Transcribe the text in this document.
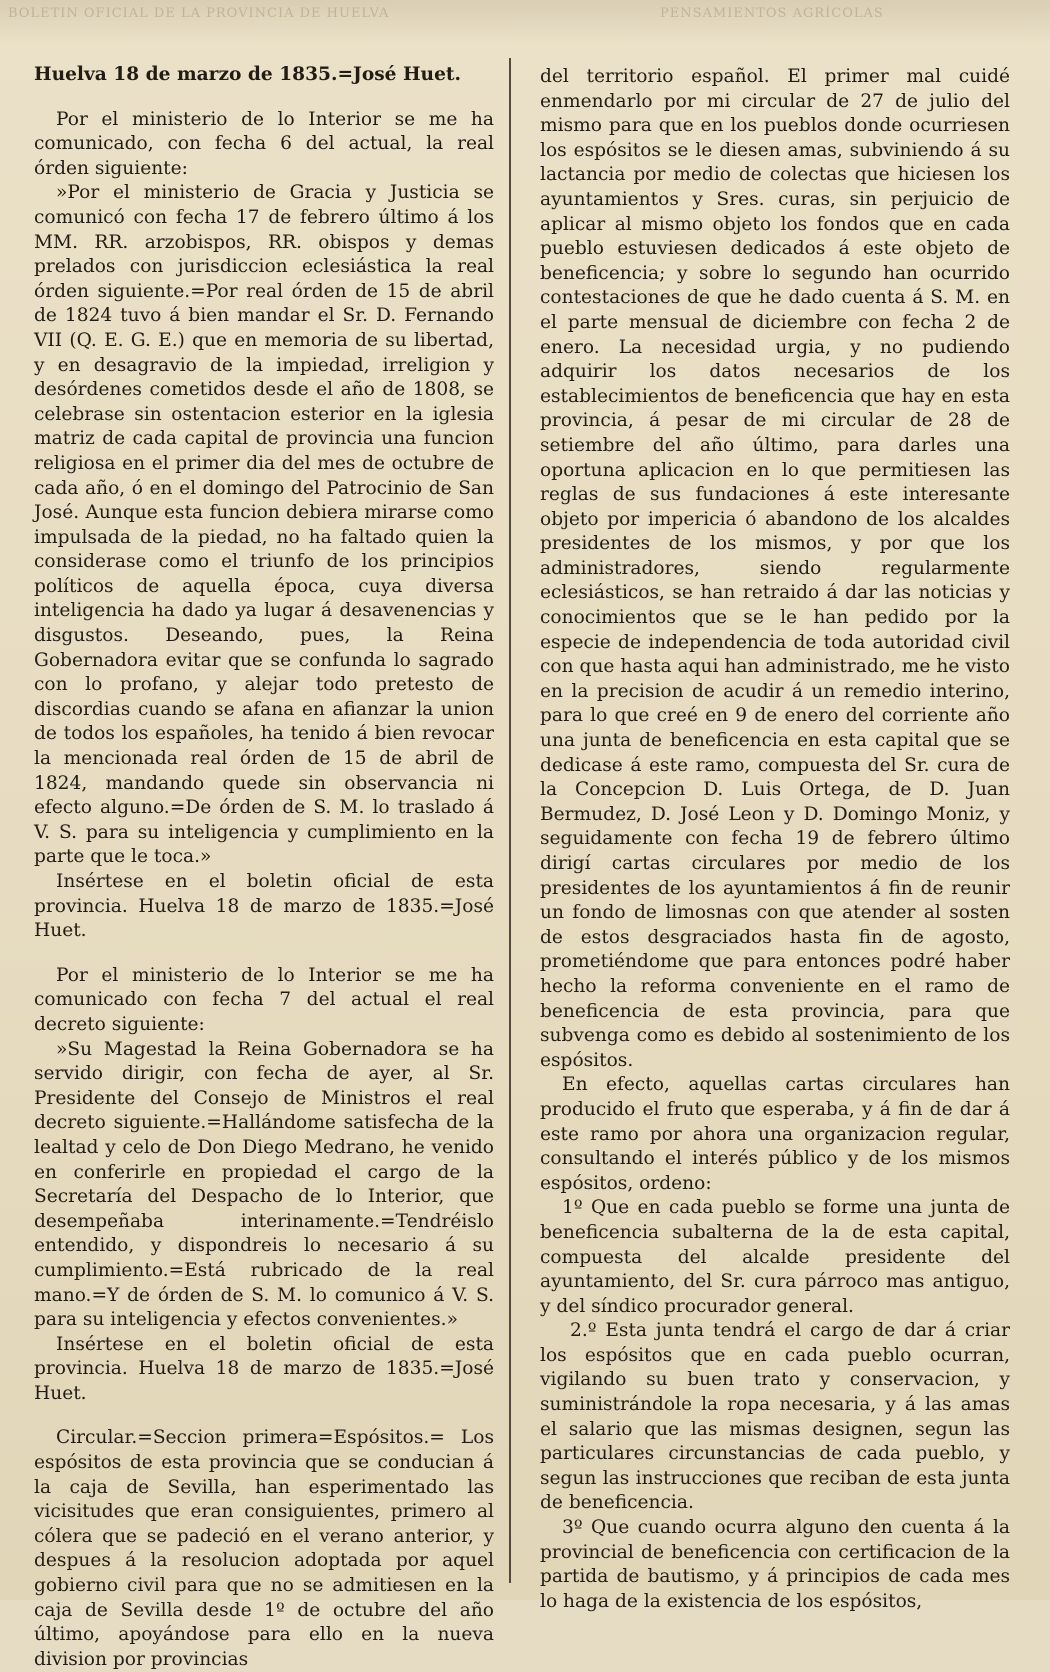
BOLETIN OFICIAL DE LA PROVINCIA DE HUELVA	PENSAMIENTOS AGRÍCOLAS

Huelva 18 de marzo de 1835.=José Huet.

Por el ministerio de lo Interior se me ha comunicado, con fecha 6 del actual, la real órden siguiente:

»Por el ministerio de Gracia y Justicia se comunicó con fecha 17 de febrero último á los MM. RR. arzobispos, RR. obispos y demas prelados con jurisdiccion eclesiástica la real órden siguiente.=Por real órden de 15 de abril de 1824 tuvo á bien mandar el Sr. D. Fernando VII (Q. E. G. E.) que en memoria de su libertad, y en desagravio de la impiedad, irreligion y desórdenes cometidos desde el año de 1808, se celebrase sin ostentacion esterior en la iglesia matriz de cada capital de provincia una funcion religiosa en el primer dia del mes de octubre de cada año, ó en el domingo del Patrocinio de San José. Aunque esta funcion debiera mirarse como impulsada de la piedad, no ha faltado quien la considerase como el triunfo de los principios políticos de aquella época, cuya diversa inteligencia ha dado ya lugar á desavenencias y disgustos. Deseando, pues, la Reina Gobernadora evitar que se confunda lo sagrado con lo profano, y alejar todo pretesto de discordias cuando se afana en afianzar la union de todos los españoles, ha tenido á bien revocar la mencionada real órden de 15 de abril de 1824, mandando quede sin observancia ni efecto alguno.=De órden de S. M. lo traslado á V. S. para su inteligencia y cumplimiento en la parte que le toca.»

Insértese en el boletin oficial de esta provincia. Huelva 18 de marzo de 1835.=José Huet.

Por el ministerio de lo Interior se me ha comunicado con fecha 7 del actual el real decreto siguiente:

»Su Magestad la Reina Gobernadora se ha servido dirigir, con fecha de ayer, al Sr. Presidente del Consejo de Ministros el real decreto siguiente.=Hallándome satisfecha de la lealtad y celo de Don Diego Medrano, he venido en conferirle en propiedad el cargo de la Secretaría del Despacho de lo Interior, que desempeñaba interinamente.=Tendréislo entendido, y dispondreis lo necesario á su cumplimiento.=Está rubricado de la real mano.=Y de órden de S. M. lo comunico á V. S. para su inteligencia y efectos convenientes.»

Insértese en el boletin oficial de esta provincia. Huelva 18 de marzo de 1835.=José Huet.

Circular.=Seccion primera=Espósitos.= Los espósitos de esta provincia que se conducian á la caja de Sevilla, han esperimentado las vicisitudes que eran consiguientes, primero al cólera que se padeció en el verano anterior, y despues á la resolucion adoptada por aquel gobierno civil para que no se admitiesen en la caja de Sevilla desde 1º de octubre del año último, apoyándose para ello en la nueva division por provincias

del territorio español. El primer mal cuidé enmendarlo por mi circular de 27 de julio del mismo para que en los pueblos donde ocurriesen los espósitos se le diesen amas, subviniendo á su lactancia por medio de colectas que hiciesen los ayuntamientos y Sres. curas, sin perjuicio de aplicar al mismo objeto los fondos que en cada pueblo estuviesen dedicados á este objeto de beneficencia; y sobre lo segundo han ocurrido contestaciones de que he dado cuenta á S. M. en el parte mensual de diciembre con fecha 2 de enero. La necesidad urgia, y no pudiendo adquirir los datos necesarios de los establecimientos de beneficencia que hay en esta provincia, á pesar de mi circular de 28 de setiembre del año último, para darles una oportuna aplicacion en lo que permitiesen las reglas de sus fundaciones á este interesante objeto por impericia ó abandono de los alcaldes presidentes de los mismos, y por que los administradores, siendo regularmente eclesiásticos, se han retraido á dar las noticias y conocimientos que se le han pedido por la especie de independencia de toda autoridad civil con que hasta aqui han administrado, me he visto en la precision de acudir á un remedio interino, para lo que creé en 9 de enero del corriente año una junta de beneficencia en esta capital que se dedicase á este ramo, compuesta del Sr. cura de la Concepcion D. Luis Ortega, de D. Juan Bermudez, D. José Leon y D. Domingo Moniz, y seguidamente con fecha 19 de febrero último dirigí cartas circulares por medio de los presidentes de los ayuntamientos á fin de reunir un fondo de limosnas con que atender al sosten de estos desgraciados hasta fin de agosto, prometiéndome que para entonces podré haber hecho la reforma conveniente en el ramo de beneficencia de esta provincia, para que subvenga como es debido al sostenimiento de los espósitos.

En efecto, aquellas cartas circulares han producido el fruto que esperaba, y á fin de dar á este ramo por ahora una organizacion regular, consultando el interés público y de los mismos espósitos, ordeno:

1º Que en cada pueblo se forme una junta de beneficencia subalterna de la de esta capital, compuesta del alcalde presidente del ayuntamiento, del Sr. cura párroco mas antiguo, y del síndico procurador general.

2.º Esta junta tendrá el cargo de dar á criar los espósitos que en cada pueblo ocurran, vigilando su buen trato y conservacion, y suministrándole la ropa necesaria, y á las amas el salario que las mismas designen, segun las particulares circunstancias de cada pueblo, y segun las instrucciones que reciban de esta junta de beneficencia.

3º Que cuando ocurra alguno den cuenta á la provincial de beneficencia con certificacion de la partida de bautismo, y á principios de cada mes lo haga de la existencia de los espósitos,
